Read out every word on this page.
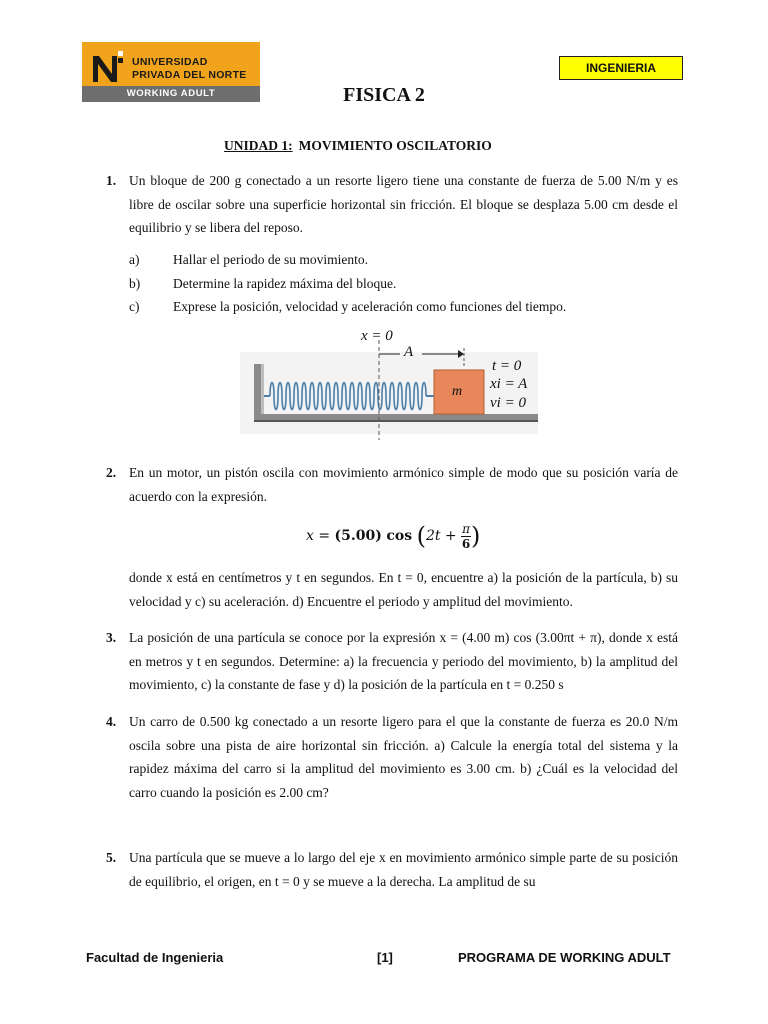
UNIVERSIDAD
PRIVADA DEL NORTE
WORKING ADULT
INGENIERIA
FISICA 2
UNIDAD 1: MOVIMIENTO OSCILATORIO
1. Un bloque de 200 g conectado a un resorte ligero tiene una constante de fuerza de 5.00 N/m y es libre de oscilar sobre una superficie horizontal sin fricción. El bloque se desplaza 5.00 cm desde el equilibrio y se libera del reposo.
a) Hallar el periodo de su movimiento.
b) Determine la rapidez máxima del bloque.
c) Exprese la posición, velocidad y aceleración como funciones del tiempo.
x = 0
A
m
t = 0
xi = A
vi = 0
2. En un motor, un pistón oscila con movimiento armónico simple de modo que su posición varía de acuerdo con la expresión.
x = (5.00) $\cos (2t + \frac{\pi}{6}$ )
donde x está en centímetros y t en segundos. En t = 0, encuentre a) la posición de la partícula, b) su velocidad y c) su aceleración. d) Encuentre el periodo y amplitud del movimiento.
3. La posición de una partícula se conoce por la expresión x = (4.00 m) cos (3.00πt + π), donde x está en metros y t en segundos. Determine: a) la frecuencia y periodo del movimiento, b) la amplitud del movimiento, c) la constante de fase y d) la posición de la partícula en t = 0.250 s
4. Un carro de 0.500 kg conectado a un resorte ligero para el que la constante de fuerza es 20.0 N/m oscila sobre una pista de aire horizontal sin fricción. a) Calcule la energía total del sistema y la rapidez máxima del carro si la amplitud del movimiento es 3.00 cm. b) ¿Cuál es la velocidad del carro cuando la posición es 2.00 cm?
5. Una partícula que se mueve a lo largo del eje x en movimiento armónico simple parte de su posición de equilibrio, el origen, en t = 0 y se mueve a la derecha. La amplitud de su
Facultad de Ingenieria	[1]	PROGRAMA DE WORKING ADULT
